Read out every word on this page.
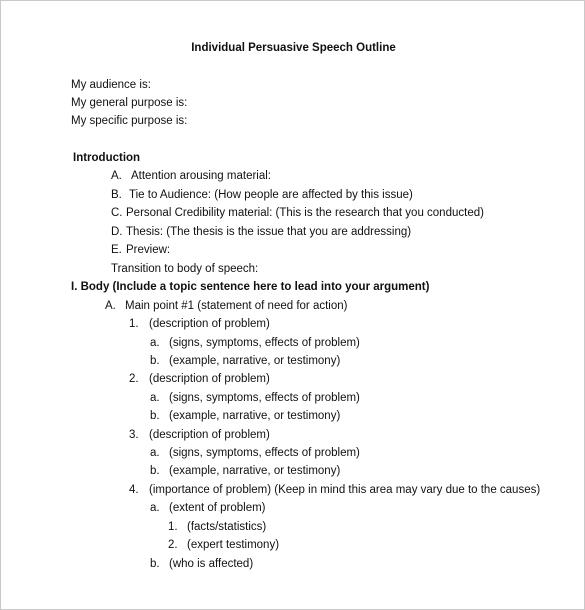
Individual Persuasive Speech Outline
My audience is:
My general purpose is:
My specific purpose is:
Introduction
A. Attention arousing material:
B. Tie to Audience: (How people are affected by this issue)
C. Personal Credibility material: (This is the research that you conducted)
D. Thesis: (The thesis is the issue that you are addressing)
E. Preview:
Transition to body of speech:
I. Body (Include a topic sentence here to lead into your argument)
A. Main point #1 (statement of need for action)
1. (description of problem)
a. (signs, symptoms, effects of problem)
b. (example, narrative, or testimony)
2. (description of problem)
a. (signs, symptoms, effects of problem)
b. (example, narrative, or testimony)
3. (description of problem)
a. (signs, symptoms, effects of problem)
b. (example, narrative, or testimony)
4. (importance of problem) (Keep in mind this area may vary due to the causes)
a. (extent of problem)
1. (facts/statistics)
2. (expert testimony)
b. (who is affected)
